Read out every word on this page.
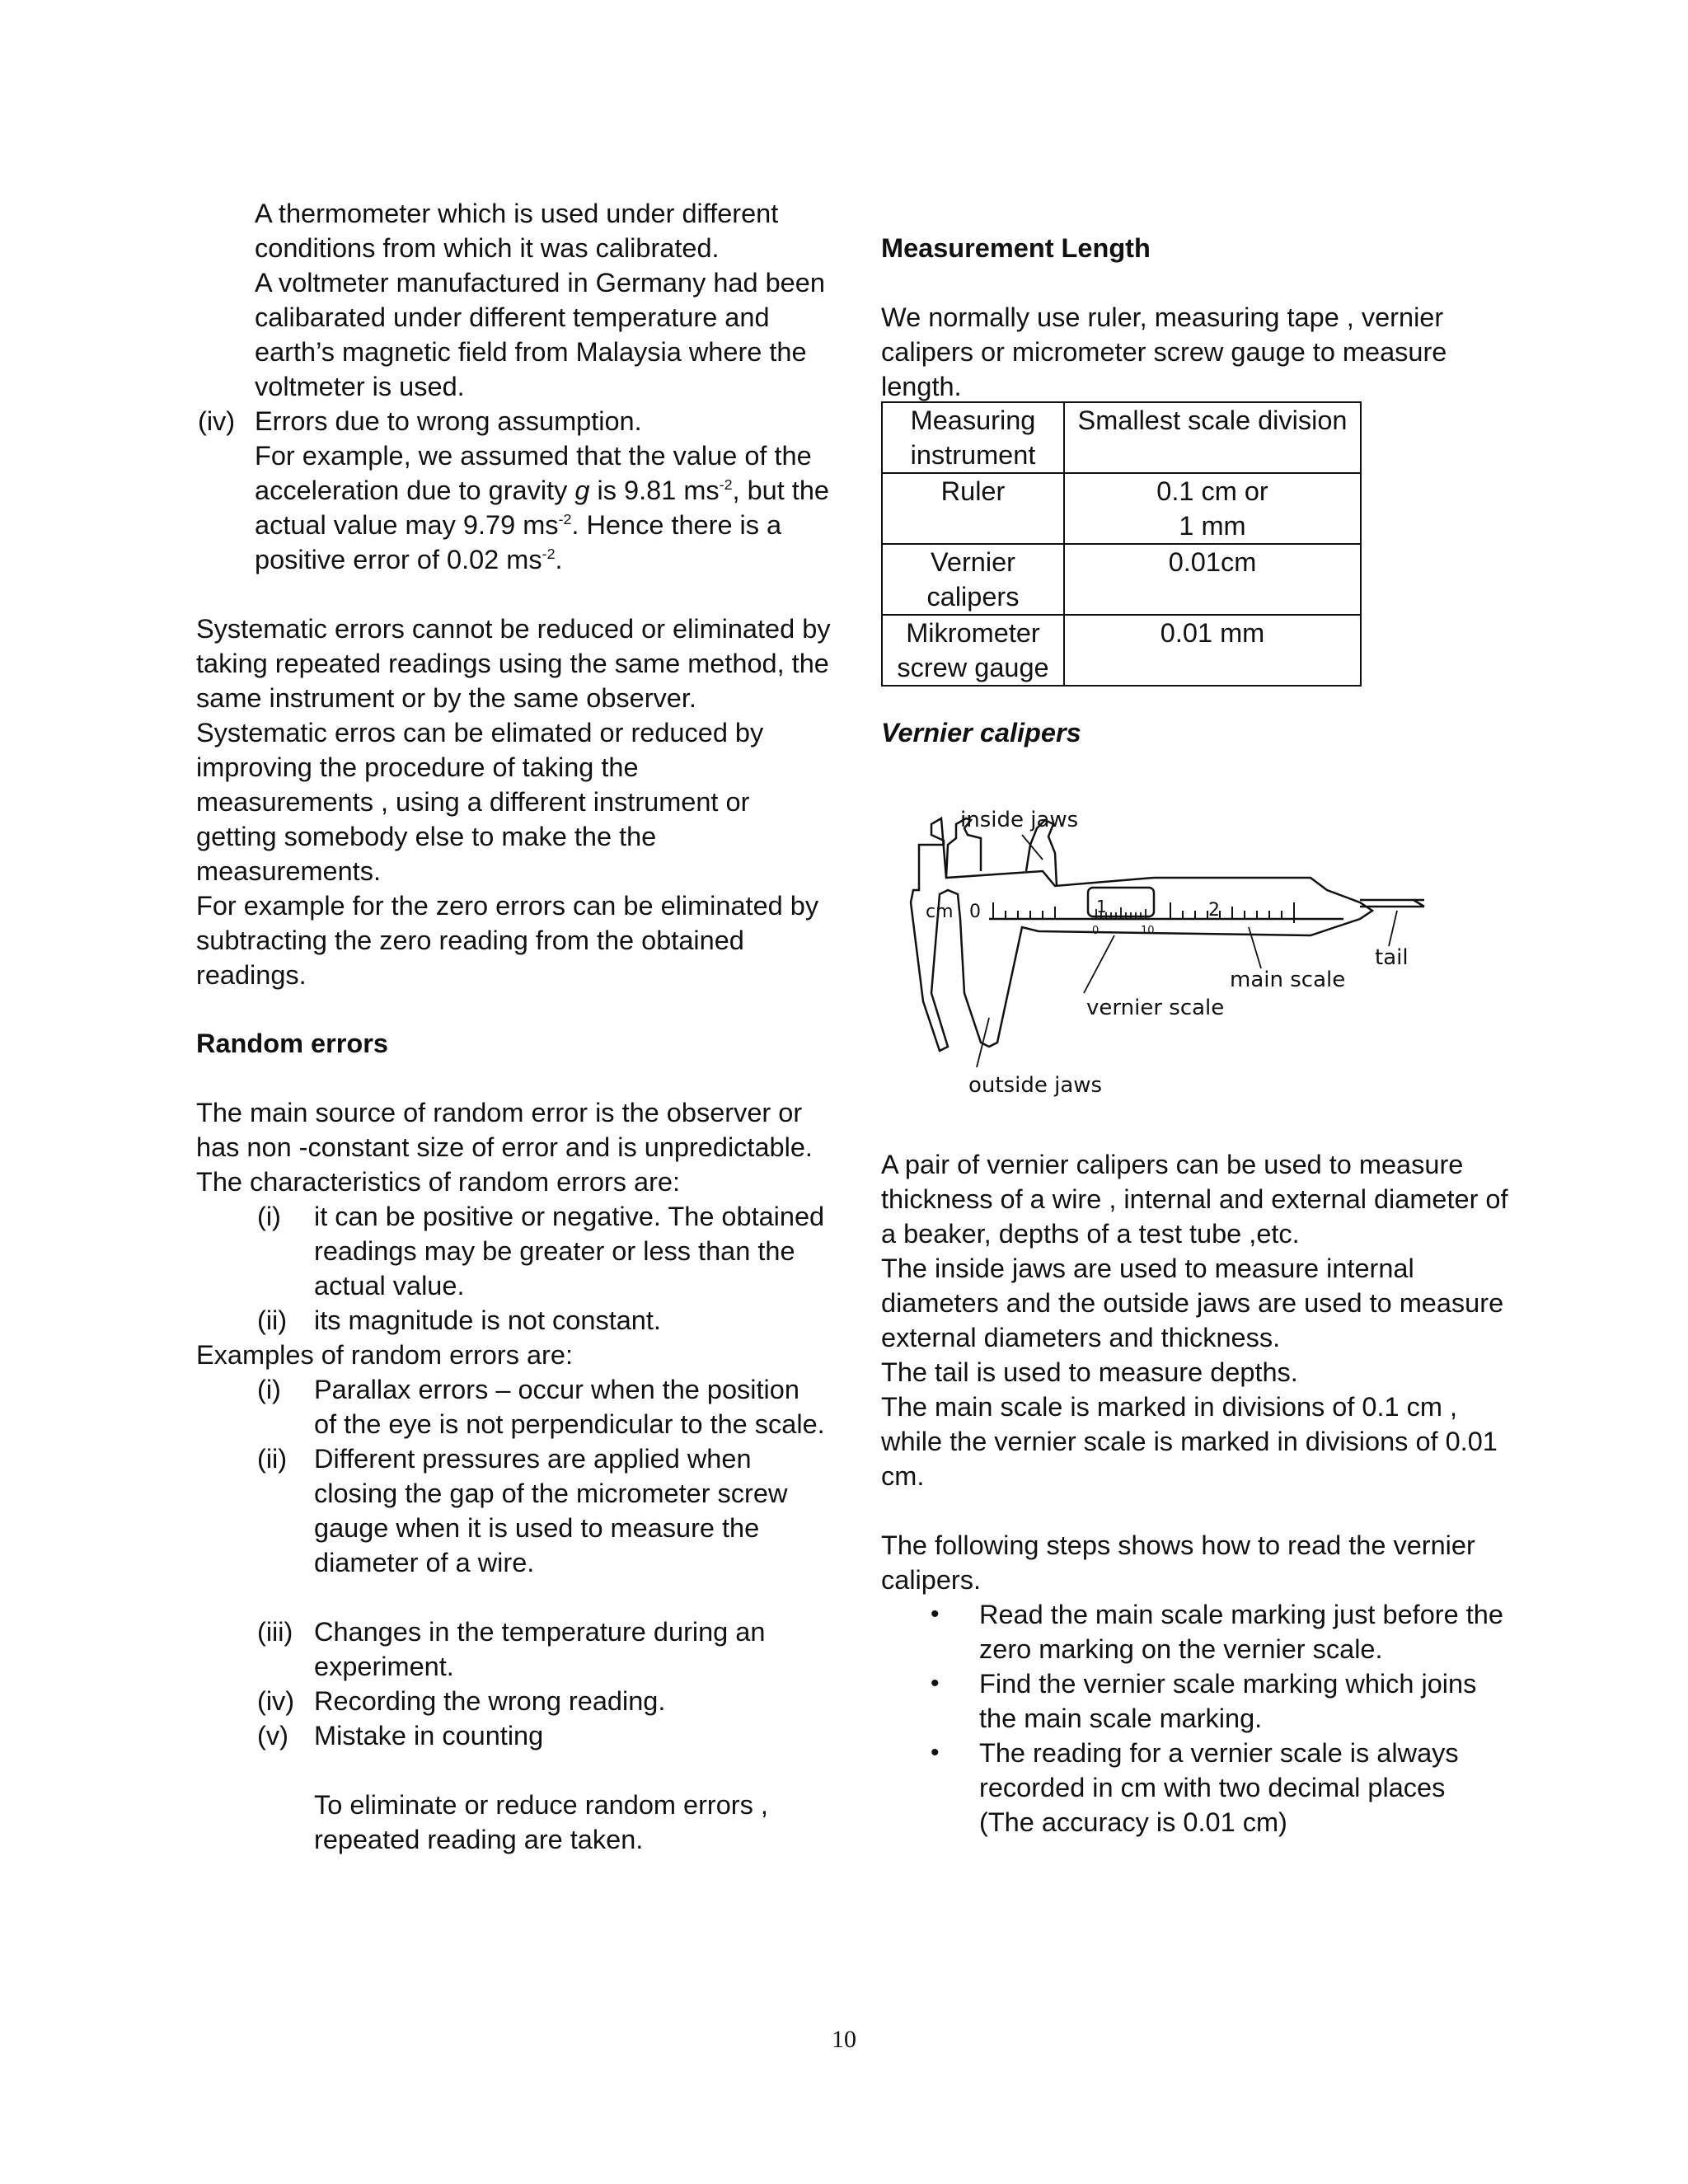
A thermometer which is used under different
conditions from which it was calibrated.
A voltmeter manufactured in Germany had been
calibarated under different temperature and
earth’s magnetic field from Malaysia where the
voltmeter is used.
(iv) Errors due to wrong assumption.
For example, we assumed that the value of the
acceleration due to gravity g is 9.81 $ms^{-2}$, but the
actual value may 9.79 $ms^{-2}$. Hence there is a
positive error of 0.02 $ms^{-2}$.
Systematic errors cannot be reduced or eliminated by
taking repeated readings using the same method, the
same instrument or by the same observer.
Systematic erros can be elimated or reduced by
improving the procedure of taking the
measurements , using a different instrument or
getting somebody else to make the the
measurements.
For example for the zero errors can be eliminated by
subtracting the zero reading from the obtained
readings.
Random errors
The main source of random error is the observer or
has non -constant size of error and is unpredictable.
The characteristics of random errors are:
(i) it can be positive or negative. The obtained
readings may be greater or less than the
actual value.
(ii) its magnitude is not constant.
Examples of random errors are:
(i) Parallax errors – occur when the position
of the eye is not perpendicular to the scale.
(ii) Different pressures are applied when
closing the gap of the micrometer screw
gauge when it is used to measure the
diameter of a wire.
(iii) Changes in the temperature during an
experiment.
(iv) Recording the wrong reading.
(v) Mistake in counting
To eliminate or reduce random errors ,
repeated reading are taken.
Measurement Length
We normally use ruler, measuring tape , vernier
calipers or micrometer screw gauge to measure
length.
Measuring
instrument	Smallest scale division

Ruler	0.1 cm or
1 mm

Vernier
calipers	0.01cm

Mikrometer
screw gauge	0.01 mm
Vernier calipers
inside jaws
outside jaws
cm 0	2
1
0	10
tail
main scale
vernier scale
A pair of vernier calipers can be used to measure
thickness of a wire , internal and external diameter of
a beaker, depths of a test tube ,etc.
The inside jaws are used to measure internal
diameters and the outside jaws are used to measure
external diameters and thickness.
The tail is used to measure depths.
The main scale is marked in divisions of 0.1 cm ,
while the vernier scale is marked in divisions of 0.01
cm.
The following steps shows how to read the vernier
calipers.
• Read the main scale marking just before the
zero marking on the vernier scale.
• Find the vernier scale marking which joins
the main scale marking.
• The reading for a vernier scale is always
recorded in cm with two decimal places
(The accuracy is 0.01 cm)
10
